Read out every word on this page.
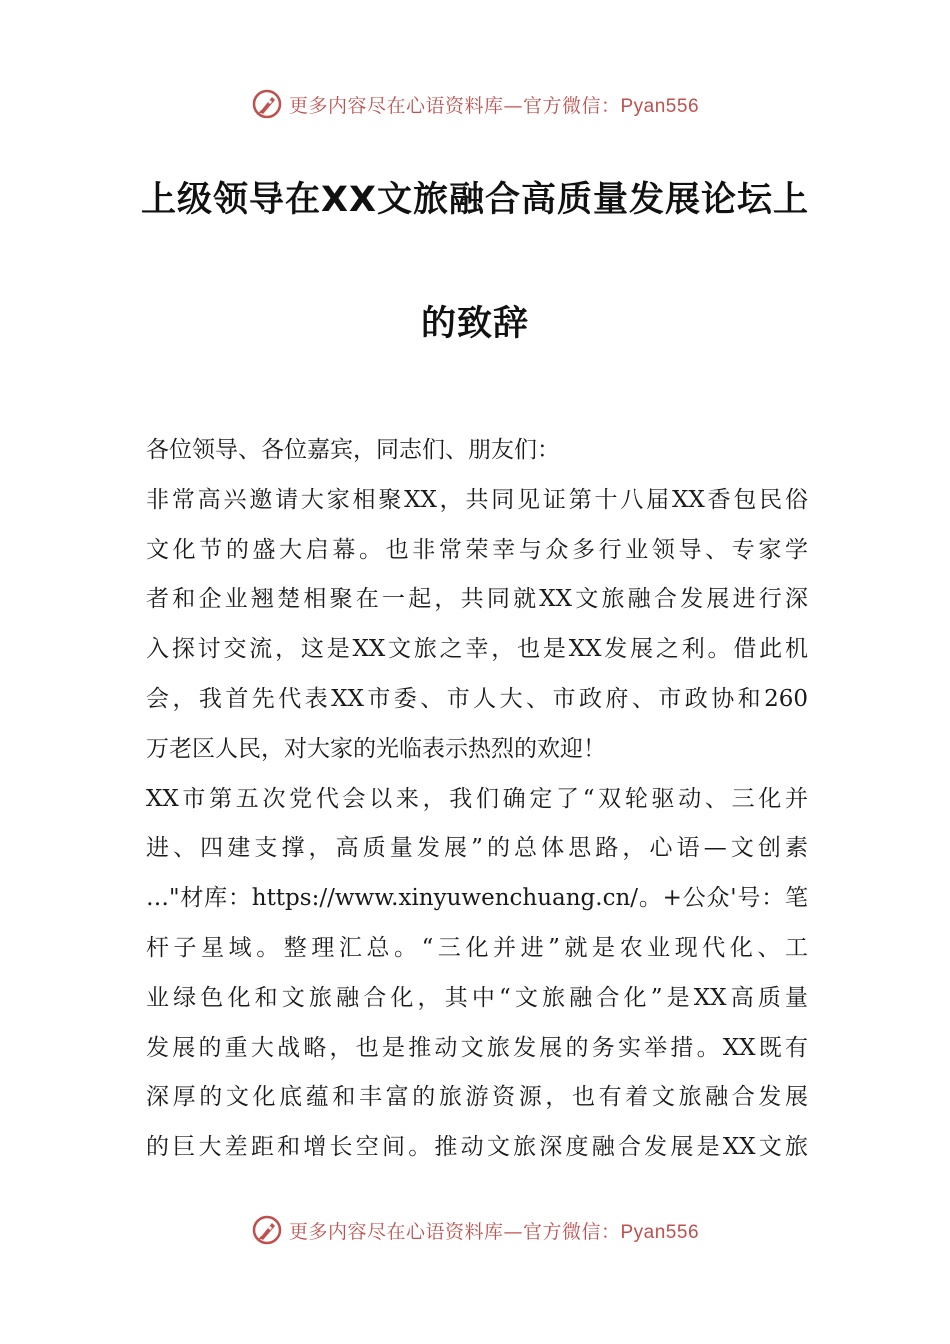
更多内容尽在心语资料库—官方微信：Pyan556
上级领导在XX文旅融合高质量发展论坛上
的致辞
各位领导、各位嘉宾，同志们、朋友们：
非常高兴邀请大家相聚XX，共同见证第十八届XX香包民俗
文化节的盛大启幕。也非常荣幸与众多行业领导、专家学
者和企业翘楚相聚在一起，共同就XX文旅融合发展进行深
入探讨交流，这是XX文旅之幸，也是XX发展之利。借此机
会，我首先代表XX市委、市人大、市政府、市政协和260
万老区人民，对大家的光临表示热烈的欢迎！
XX市第五次党代会以来，我们确定了“双轮驱动、三化并
进、四建支撑，高质量发展”的总体思路，心语—文创素
…"材库：https://www.xinyuwenchuang.cn/。+公众'号：笔
杆子星域。整理汇总。“三化并进”就是农业现代化、工
业绿色化和文旅融合化，其中“文旅融合化”是XX高质量
发展的重大战略，也是推动文旅发展的务实举措。XX既有
深厚的文化底蕴和丰富的旅游资源，也有着文旅融合发展
的巨大差距和增长空间。推动文旅深度融合发展是XX文旅
更多内容尽在心语资料库—官方微信：Pyan556
